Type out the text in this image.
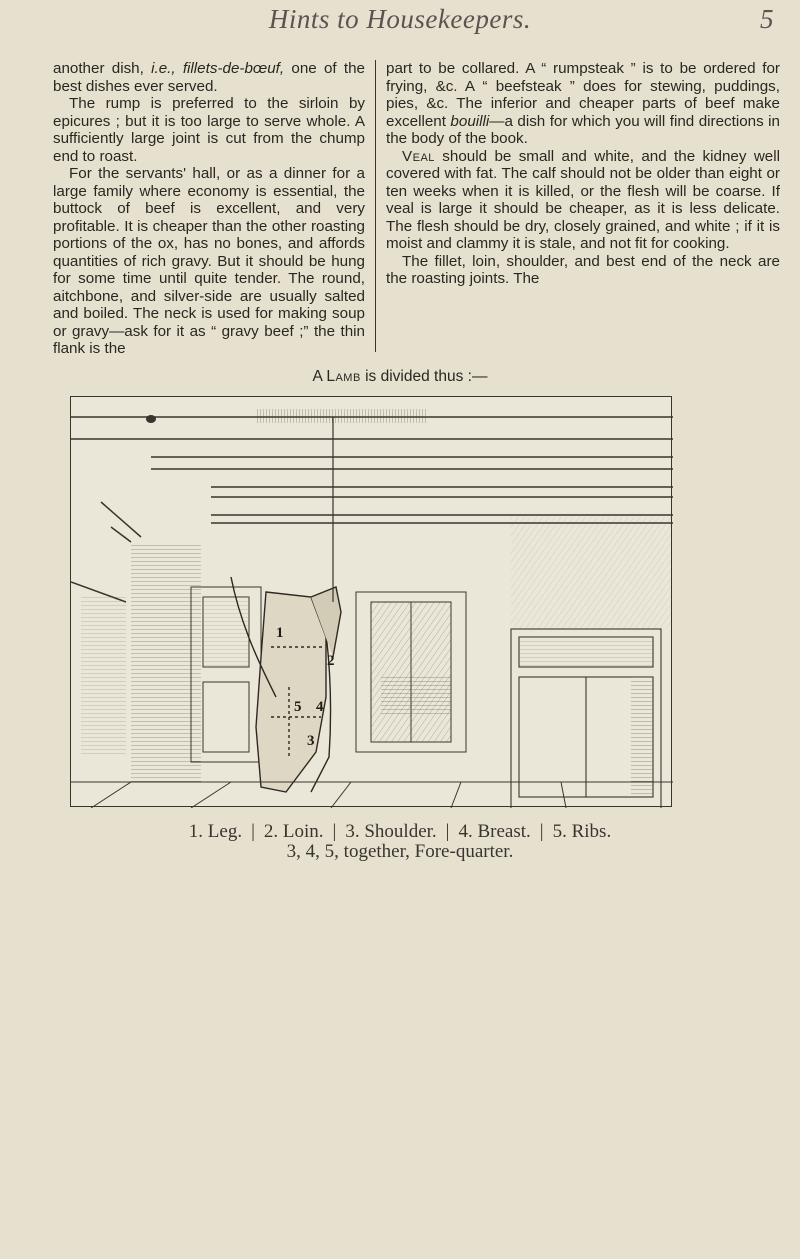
Hints to Housekeepers.	5

another dish, i.e., fillets-de-bœuf, one of the best dishes ever served.

The rump is preferred to the sirloin by epicures ; but it is too large to serve whole. A sufficiently large joint is cut from the chump end to roast.

For the servants' hall, or as a dinner for a large family where economy is essential, the buttock of beef is excellent, and very profitable. It is cheaper than the other roasting portions of the ox, has no bones, and affords quantities of rich gravy. But it should be hung for some time until quite tender. The round, aitchbone, and silver-side are usually salted and boiled. The neck is used for making soup or gravy—ask for it as “ gravy beef ;” the thin flank is the

part to be collared. A “ rumpsteak ” is to be ordered for frying, &c. A “ beefsteak ” does for stewing, puddings, pies, &c. The inferior and cheaper parts of beef make excellent bouilli—a dish for which you will find directions in the body of the book.

Veal should be small and white, and the kidney well covered with fat. The calf should not be older than eight or ten weeks when it is killed, or the flesh will be coarse. If veal is large it should be cheaper, as it is less delicate. The flesh should be dry, closely grained, and white ; if it is moist and clammy it is stale, and not fit for cooking.

The fillet, loin, shoulder, and best end of the neck are the roasting joints. The

A Lamb is divided thus :—
1
2
5 4
3
1. Leg. | 2. Loin. | 3. Shoulder. | 4. Breast. | 5. Ribs.
3, 4, 5, together, Fore-quarter.
